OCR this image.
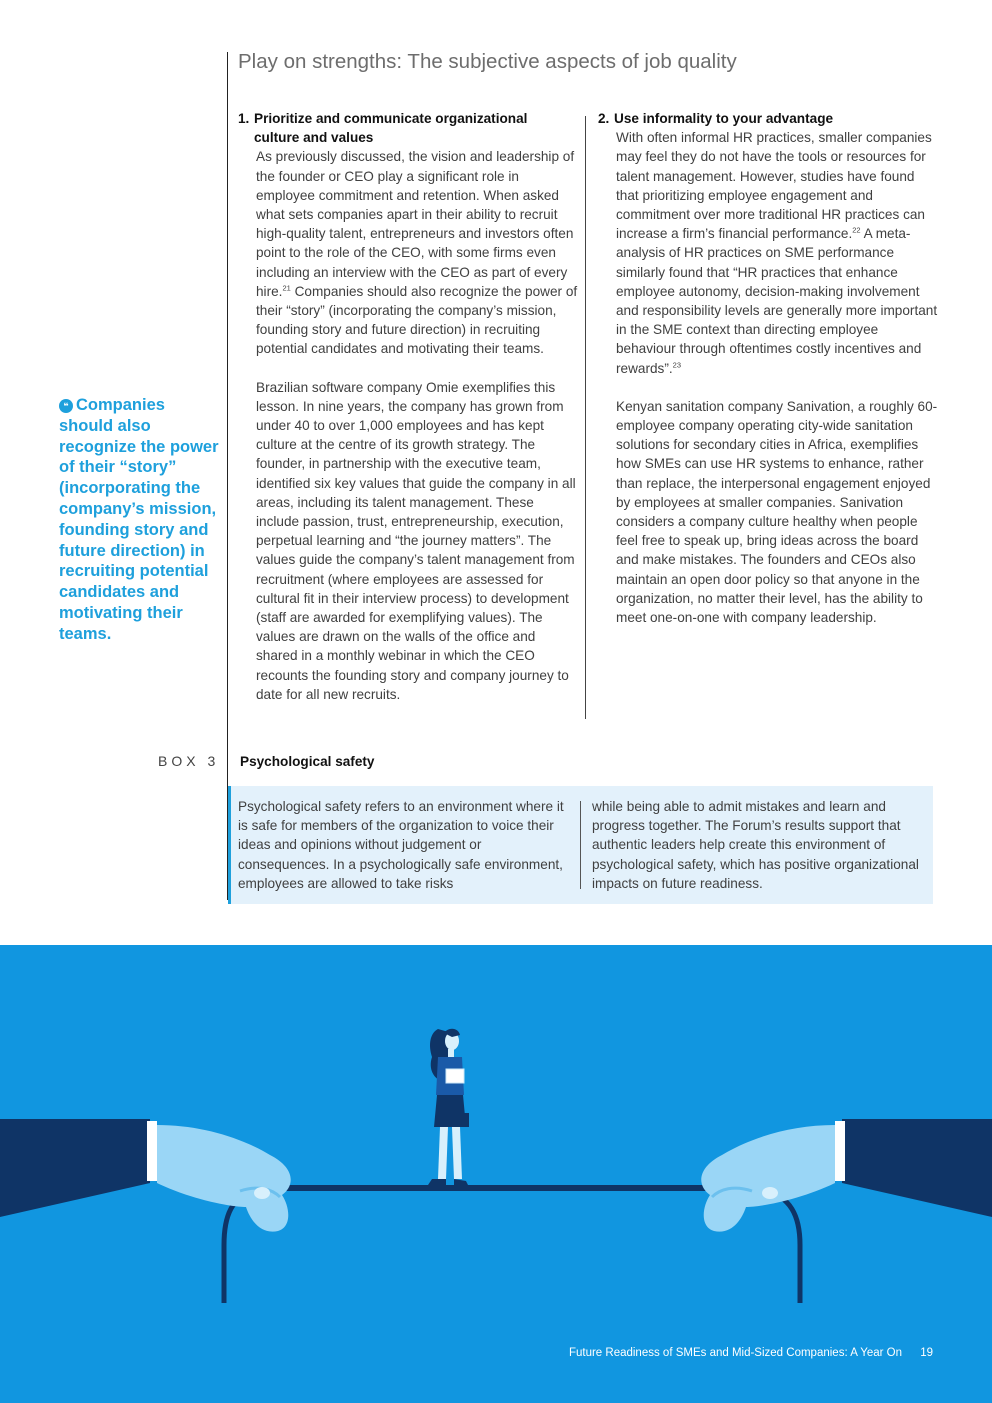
Play on strengths: The subjective aspects of job quality
1. Prioritize and communicate organizational
culture and values

As previously discussed, the vision and leadership of the founder or CEO play a significant role in employee commitment and retention. When asked what sets companies apart in their ability to recruit high-quality talent, entrepreneurs and investors often point to the role of the CEO, with some firms even including an interview with the CEO as part of every hire.$^{21}$ Companies should also recognize the power of their “story” (incorporating the company’s mission, founding story and future direction) in recruiting potential candidates and motivating their teams.

Brazilian software company Omie exemplifies this lesson. In nine years, the company has grown from under 40 to over 1,000 employees and has kept culture at the centre of its growth strategy. The founder, in partnership with the executive team, identified six key values that guide the company in all areas, including its talent management. These include passion, trust, entrepreneurship, execution, perpetual learning and “the journey matters”. The values guide the company’s talent management from recruitment (where employees are assessed for cultural fit in their interview process) to development (staff are awarded for exemplifying values). The values are drawn on the walls of the office and shared in a monthly webinar in which the CEO recounts the founding story and company journey to date for all new recruits.

2. Use informality to your advantage

With often informal HR practices, smaller companies may feel they do not have the tools or resources for talent management. However, studies have found that prioritizing employee engagement and commitment over more traditional HR practices can increase a firm’s financial performance.$^{22}$ A meta-analysis of HR practices on SME performance similarly found that “HR practices that enhance employee autonomy, decision-making involvement and responsibility levels are generally more important in the SME context than directing employee behaviour through oftentimes costly incentives and rewards”.$^{23}$

Kenyan sanitation company Sanivation, a roughly 60-employee company operating city-wide sanitation solutions for secondary cities in Africa, exemplifies how SMEs can use HR systems to enhance, rather than replace, the interpersonal engagement enjoyed by employees at smaller companies. Sanivation considers a company culture healthy when people feel free to speak up, bring ideas across the board and make mistakes. The founders and CEOs also maintain an open door policy so that anyone in the organization, no matter their level, has the ability to meet one-on-one with company leadership.

❝ Companies should also recognize the power of their “story” (incorporating the company’s mission, founding story and future direction) in recruiting potential candidates and motivating their teams.
BOX 3 Psychological safety
Psychological safety refers to an environment where it is safe for members of the organization to voice their ideas and opinions without judgement or consequences. In a psychologically safe environment, employees are allowed to take risks
while being able to admit mistakes and learn and progress together. The Forum’s results support that authentic leaders help create this environment of psychological safety, which has positive organizational impacts on future readiness.
Future Readiness of SMEs and Mid-Sized Companies: A Year On 19
